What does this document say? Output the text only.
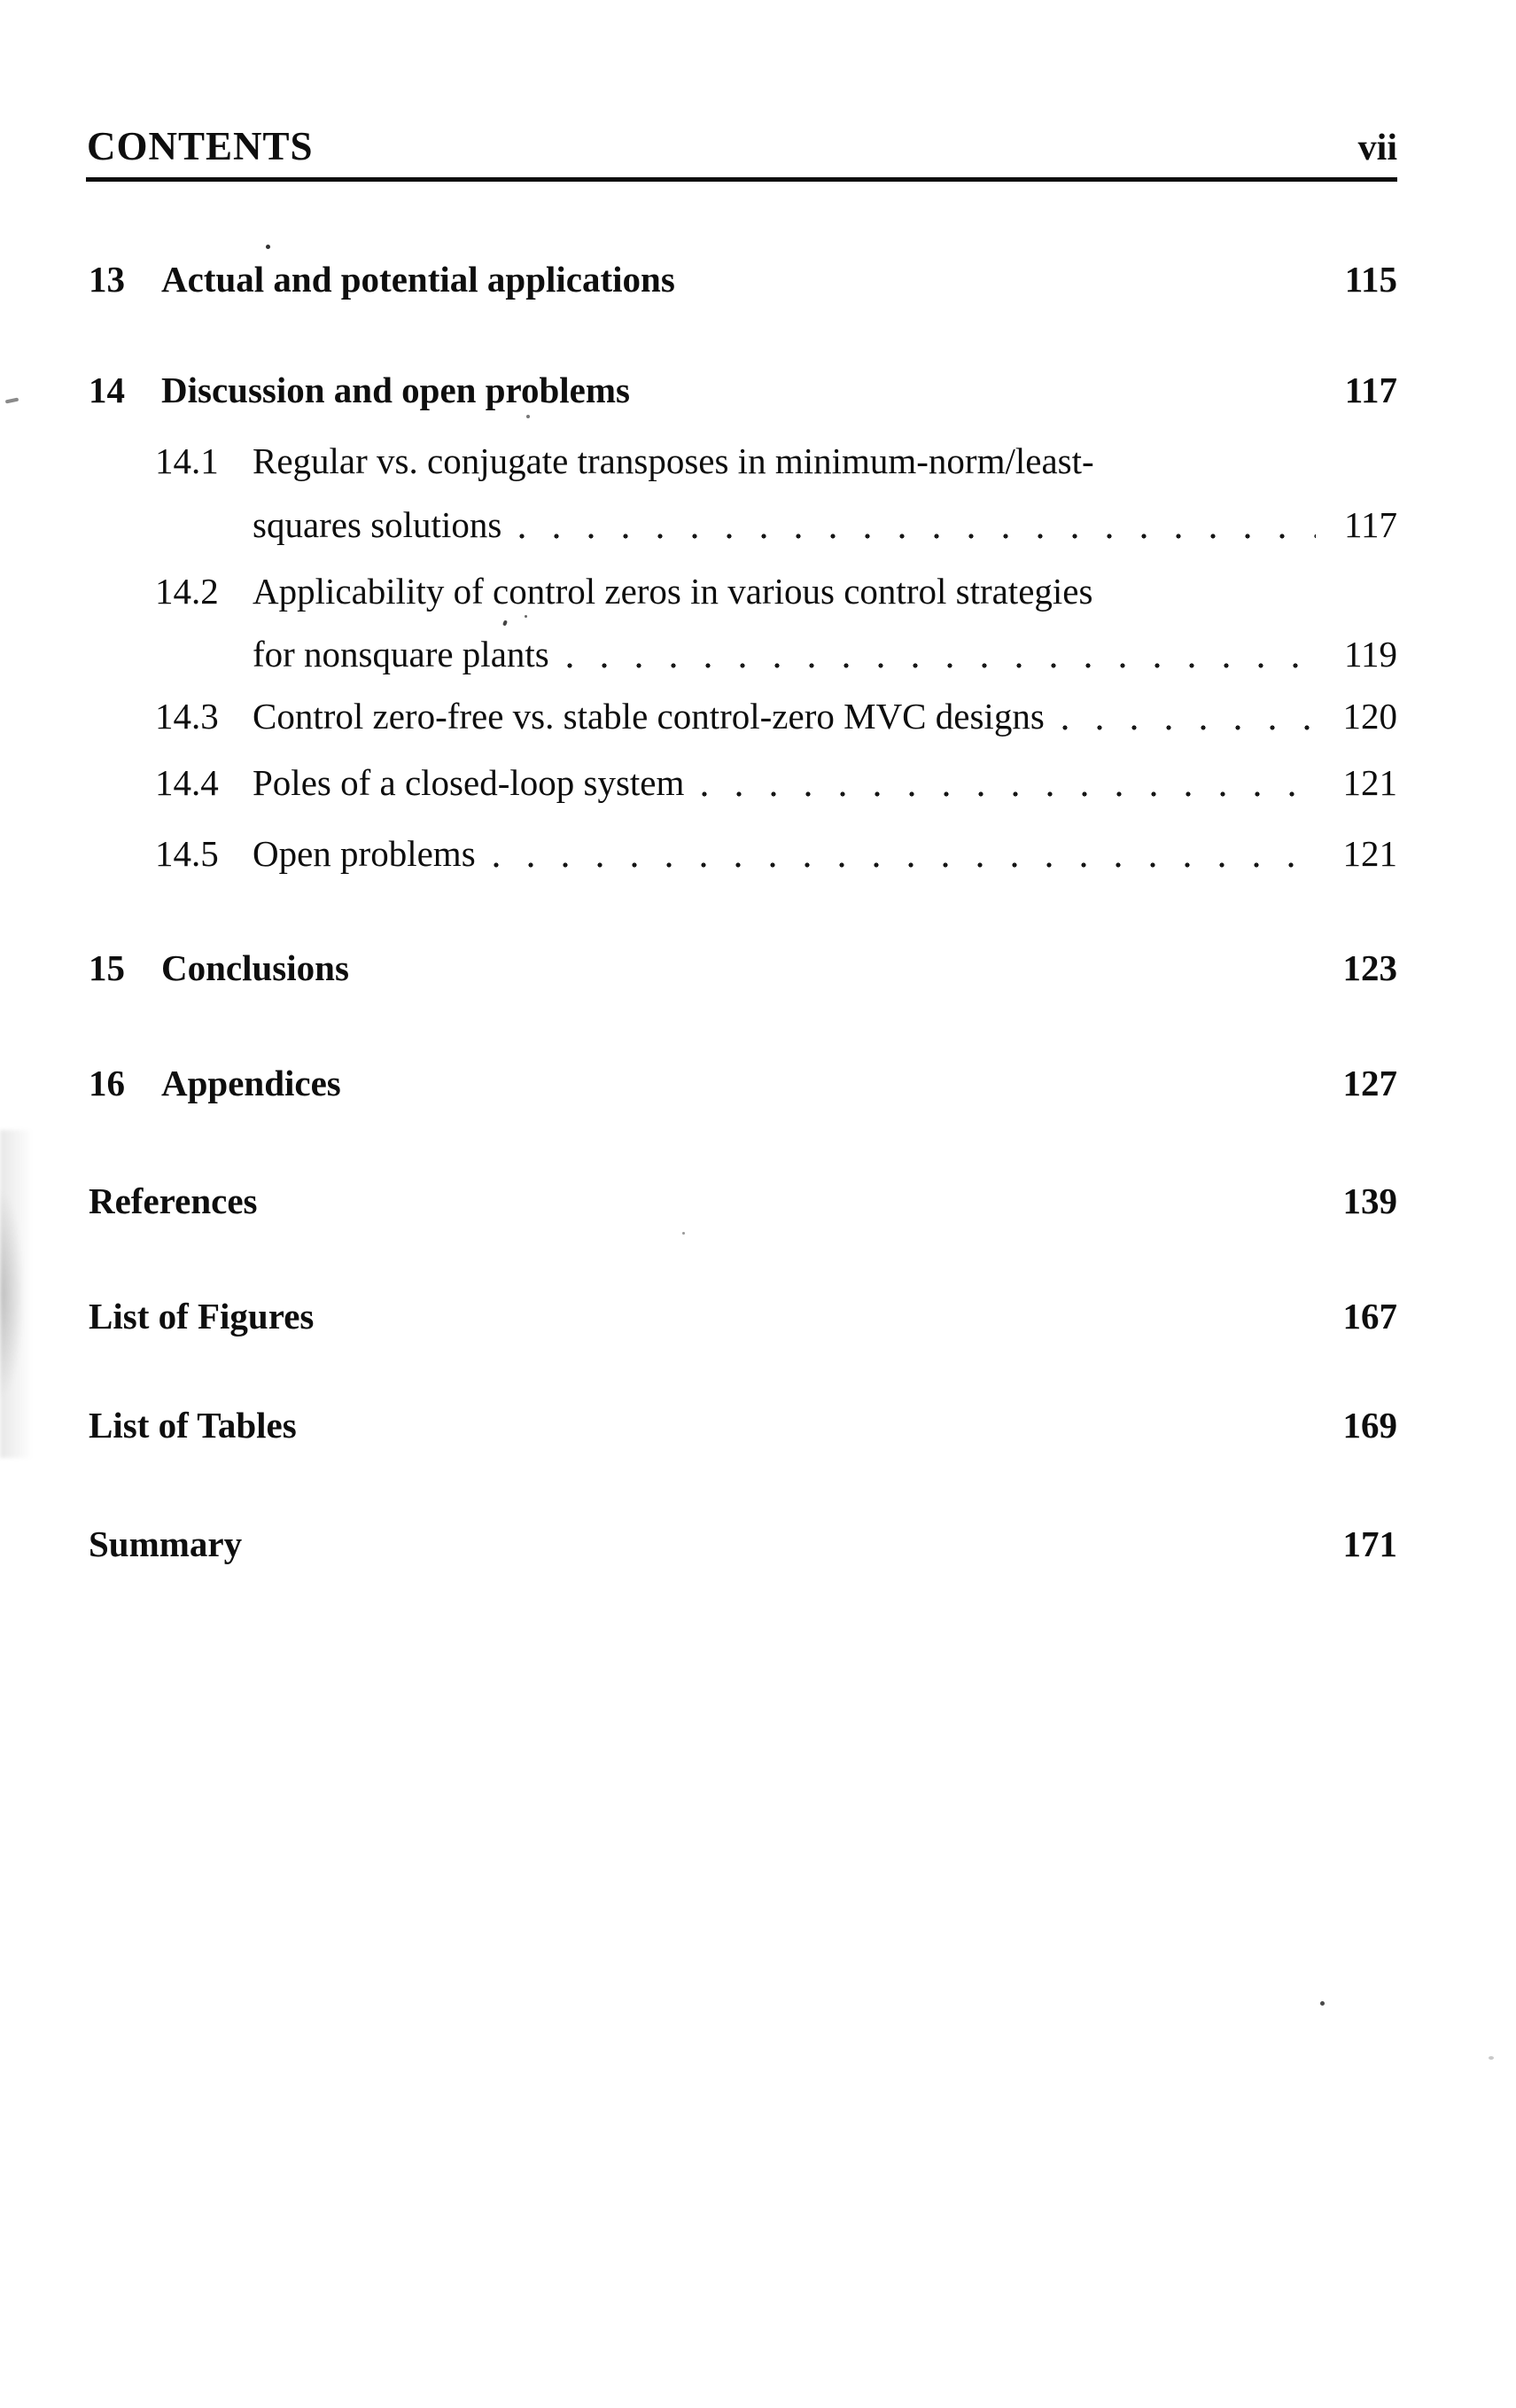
CONTENTS	vii
13	Actual and potential applications	115
14	Discussion and open problems	117
14.1 Regular vs. conjugate transposes in minimum-norm/least-
squares solutions	117
14.2 Applicability of control zeros in various control strategies
for nonsquare plants	119
14.3 Control zero-free vs. stable control-zero MVC designs	120
14.4 Poles of a closed-loop system	121
14.5 Open problems	121
15	Conclusions	123
16	Appendices	127
References	139
List of Figures	167
List of Tables	169
Summary	171
